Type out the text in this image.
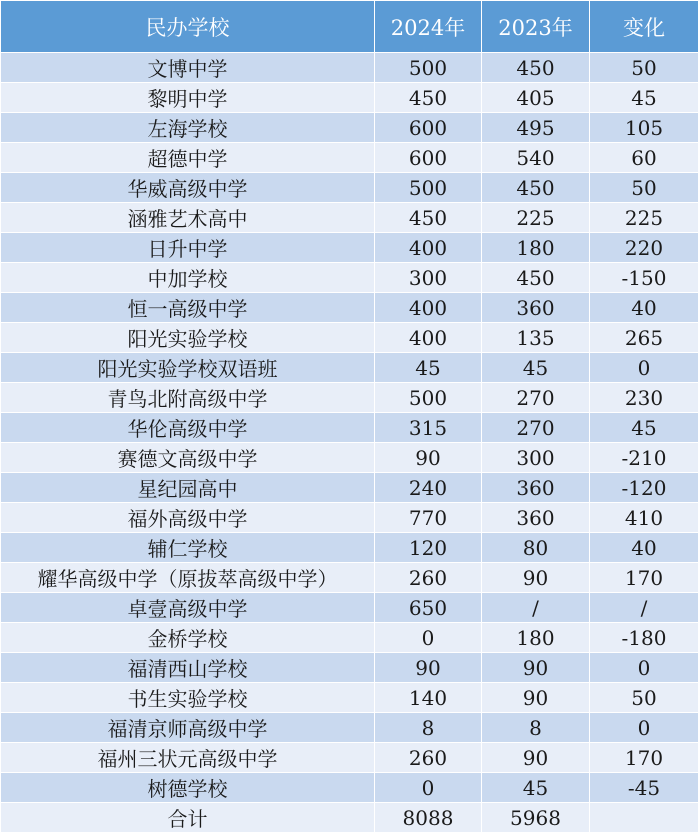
民办学校	2024年	2023年	变化
文博中学	500	450	50
黎明中学	450	405	45
左海学校	600	495	105
超德中学	600	540	60
华威高级中学	500	450	50
涵雅艺术高中	450	225	225
日升中学	400	180	220
中加学校	300	450	-150
恒一高级中学	400	360	40
阳光实验学校	400	135	265
阳光实验学校双语班	45	45	0
青鸟北附高级中学	500	270	230
华伦高级中学	315	270	45
赛德文高级中学	90	300	-210
星纪园高中	240	360	-120
福外高级中学	770	360	410
辅仁学校	120	80	40
耀华高级中学（原拔萃高级中学）	260	90	170
卓壹高级中学	650	/	/
金桥学校	0	180	-180
福清西山学校	90	90	0
书生实验学校	140	90	50
福清京师高级中学	8	8	0
福州三状元高级中学	260	90	170
树德学校	0	45	-45
合计	8088	5968	
